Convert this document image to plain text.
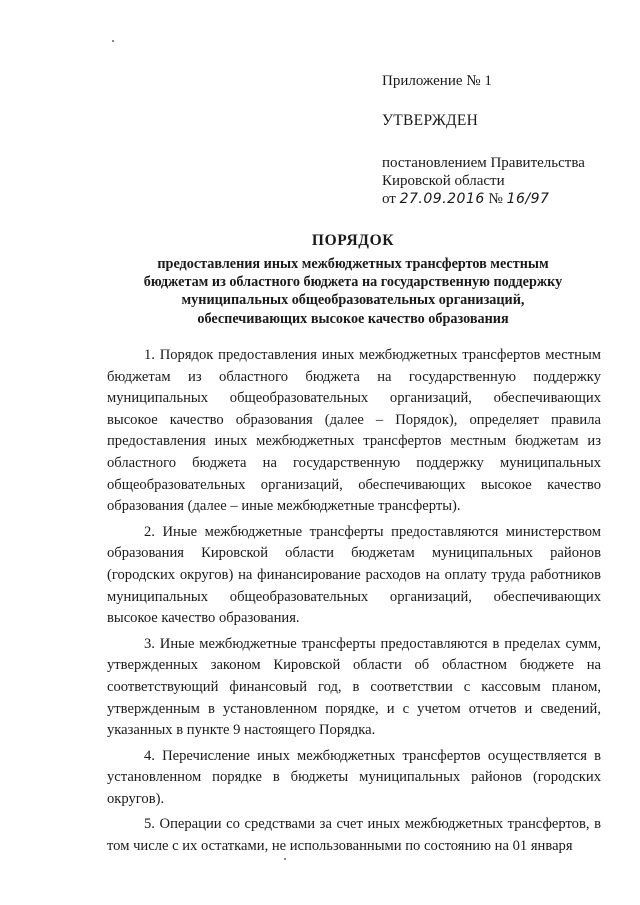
Приложение № 1

УТВЕРЖДЕН

постановлением Правительства

Кировской области

от 27.09.2016 № 16/97

ПОРЯДОК

предоставления иных межбюджетных трансфертов местным

бюджетам из областного бюджета на государственную поддержку

муниципальных общеобразовательных организаций,

обеспечивающих высокое качество образования

1. Порядок предоставления иных межбюджетных трансфертов местным бюджетам из областного бюджета на государственную поддержку муниципальных общеобразовательных организаций, обеспечивающих высокое качество образования (далее – Порядок), определяет правила предоставления иных межбюджетных трансфертов местным бюджетам из областного бюджета на государственную поддержку муниципальных общеобразовательных организаций, обеспечивающих высокое качество образования (далее – иные межбюджетные трансферты).

2. Иные межбюджетные трансферты предоставляются министерством образования Кировской области бюджетам муниципальных районов (городских округов) на финансирование расходов на оплату труда работников муниципальных общеобразовательных организаций, обеспечивающих высокое качество образования.

3. Иные межбюджетные трансферты предоставляются в пределах сумм, утвержденных законом Кировской области об областном бюджете на соответствующий финансовый год, в соответствии с кассовым планом, утвержденным в установленном порядке, и с учетом отчетов и сведений, указанных в пункте 9 настоящего Порядка.

4. Перечисление иных межбюджетных трансфертов осуществляется в установленном порядке в бюджеты муниципальных районов (городских округов).

5. Операции со средствами за счет иных межбюджетных трансфертов, в том числе с их остатками, не использованными по состоянию на 01 января
